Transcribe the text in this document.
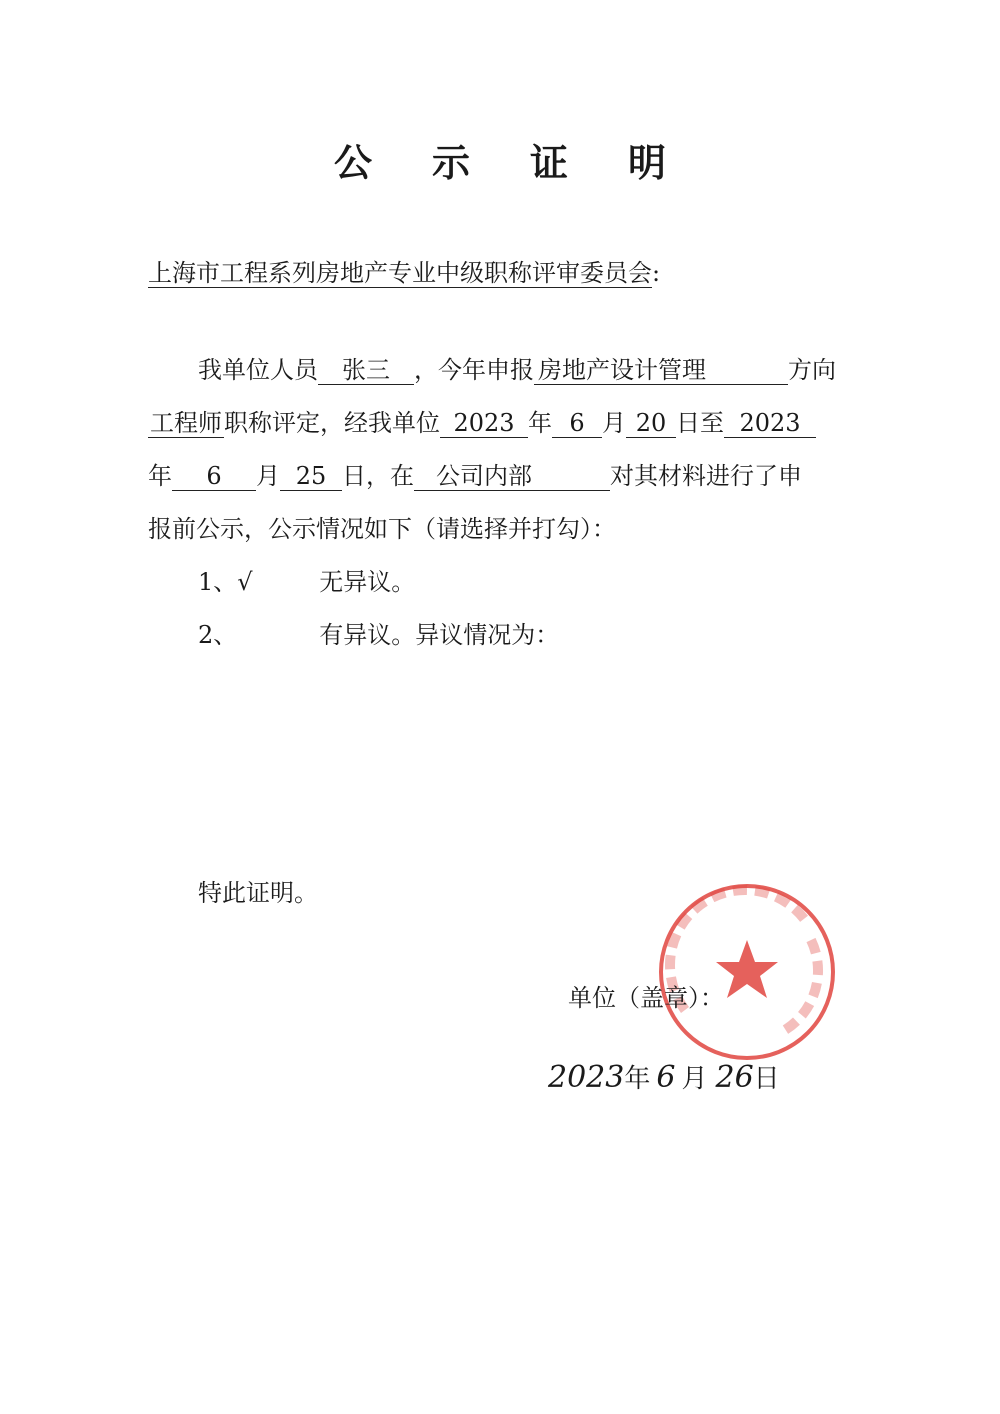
公 示 证 明
上海市工程系列房地产专业中级职称评审委员会:
我单位人员 张三 ，今年申报 房地产设计管理	方向
工程师职称评定，经我单位 2023 年 6 月 20 日至 2023
年 6 月 25 日，在 公司内部	对其材料进行了申
报前公示，公示情况如下（请选择并打勾）：
1、√	无异议。
2、	有异议。异议情况为：
特此证明。
单位（盖章）：
2023年 6 月 26日
